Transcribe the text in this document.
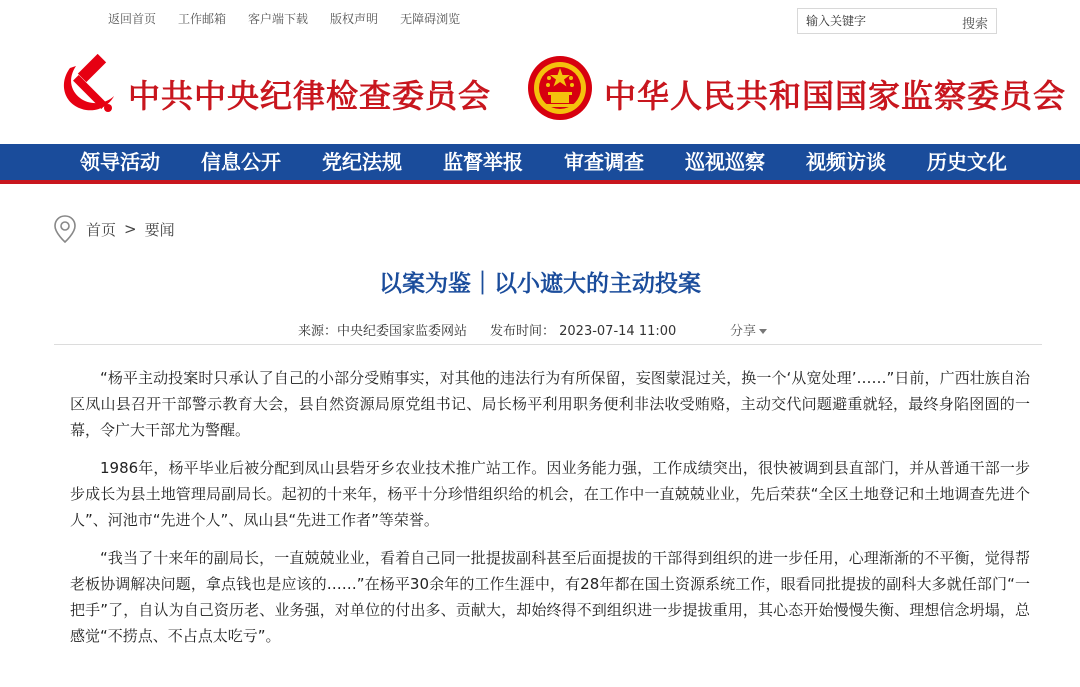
返回首页 工作邮箱 客户端下载 版权声明 无障碍浏览
输入关键字	搜索
中共中央纪律检查委员会	中华人民共和国国家监察委员会
领导活动	信息公开	党纪法规	监督举报	审查调查	巡视巡察	视频访谈	历史文化
首页 > 要闻
以案为鉴｜以小遮大的主动投案
来源：中央纪委国家监委网站 发布时间： 2023-07-14 11:00	分享

“杨平主动投案时只承认了自己的小部分受贿事实，对其他的违法行为有所保留，妄图蒙混过关，换一个‘从宽处理’……”日前，广西壮族自治区凤山县召开干部警示教育大会，县自然资源局原党组书记、局长杨平利用职务便利非法收受贿赂，主动交代问题避重就轻，最终身陷囹圄的一幕，令广大干部尤为警醒。

1986年，杨平毕业后被分配到凤山县砦牙乡农业技术推广站工作。因业务能力强，工作成绩突出，很快被调到县直部门，并从普通干部一步步成长为县土地管理局副局长。起初的十来年，杨平十分珍惜组织给的机会，在工作中一直兢兢业业，先后荣获“全区土地登记和土地调查先进个人”、河池市“先进个人”、凤山县“先进工作者”等荣誉。

“我当了十来年的副局长，一直兢兢业业，看着自己同一批提拔副科甚至后面提拔的干部得到组织的进一步任用，心理渐渐的不平衡，觉得帮老板协调解决问题，拿点钱也是应该的……”在杨平30余年的工作生涯中，有28年都在国土资源系统工作，眼看同批提拔的副科大多就任部门“一把手”了，自认为自己资历老、业务强，对单位的付出多、贡献大，却始终得不到组织进一步提拔重用，其心态开始慢慢失衡、理想信念坍塌，总感觉“不捞点、不占点太吃亏”。
